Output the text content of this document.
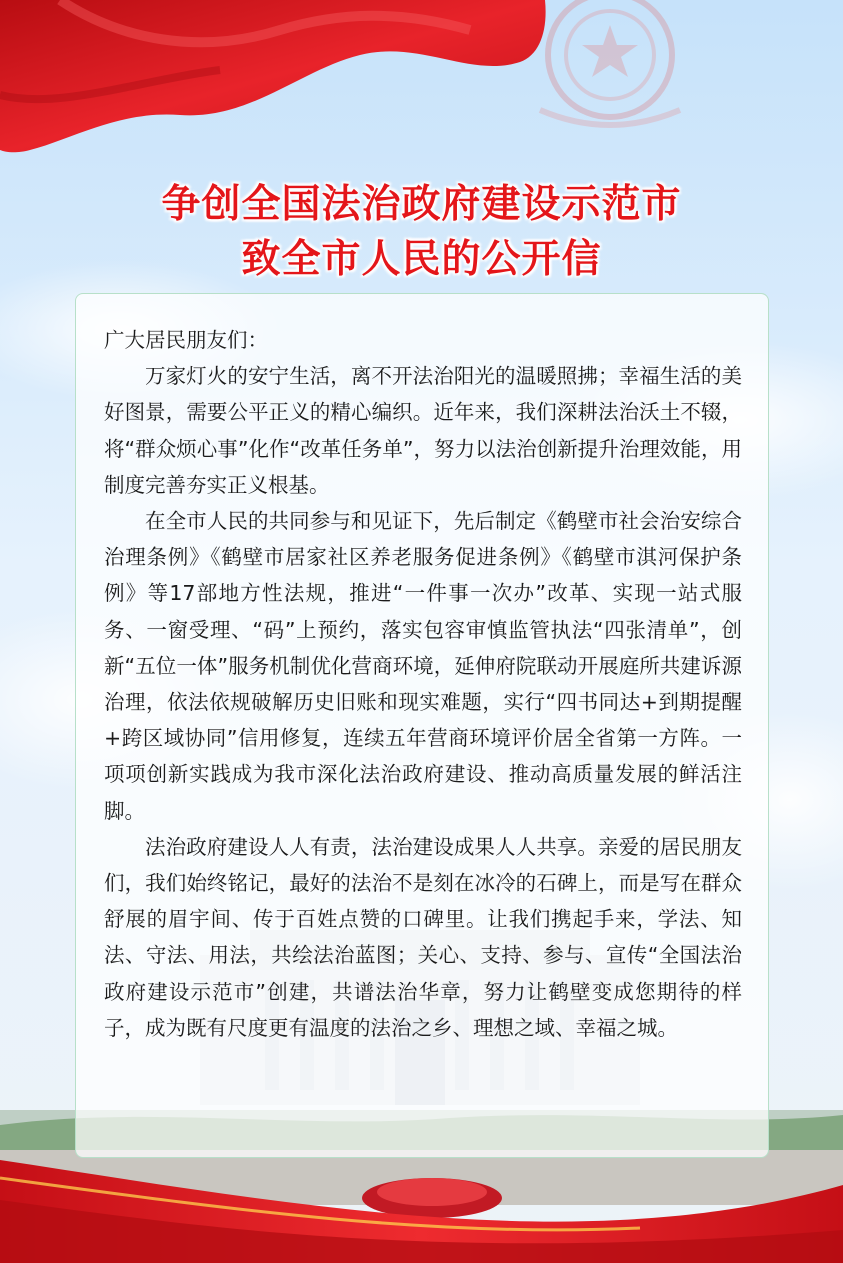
争创全国法治政府建设示范市
致全市人民的公开信

广大居民朋友们：

万家灯火的安宁生活，离不开法治阳光的温暖照拂；幸福生活的美好图景，需要公平正义的精心编织。近年来，我们深耕法治沃土不辍，将“群众烦心事”化作“改革任务单”，努力以法治创新提升治理效能，用制度完善夯实正义根基。

在全市人民的共同参与和见证下，先后制定《鹤壁市社会治安综合治理条例》《鹤壁市居家社区养老服务促进条例》《鹤壁市淇河保护条例》等17部地方性法规，推进“一件事一次办”改革、实现一站式服务、一窗受理、“码”上预约，落实包容审慎监管执法“四张清单”，创新“五位一体”服务机制优化营商环境，延伸府院联动开展庭所共建诉源治理，依法依规破解历史旧账和现实难题，实行“四书同达+到期提醒+跨区域协同”信用修复，连续五年营商环境评价居全省第一方阵。一项项创新实践成为我市深化法治政府建设、推动高质量发展的鲜活注脚。

法治政府建设人人有责，法治建设成果人人共享。亲爱的居民朋友们，我们始终铭记，最好的法治不是刻在冰冷的石碑上，而是写在群众舒展的眉宇间、传于百姓点赞的口碑里。让我们携起手来，学法、知法、守法、用法，共绘法治蓝图；关心、支持、参与、宣传“全国法治政府建设示范市”创建，共谱法治华章，努力让鹤壁变成您期待的样子，成为既有尺度更有温度的法治之乡、理想之域、幸福之城。
